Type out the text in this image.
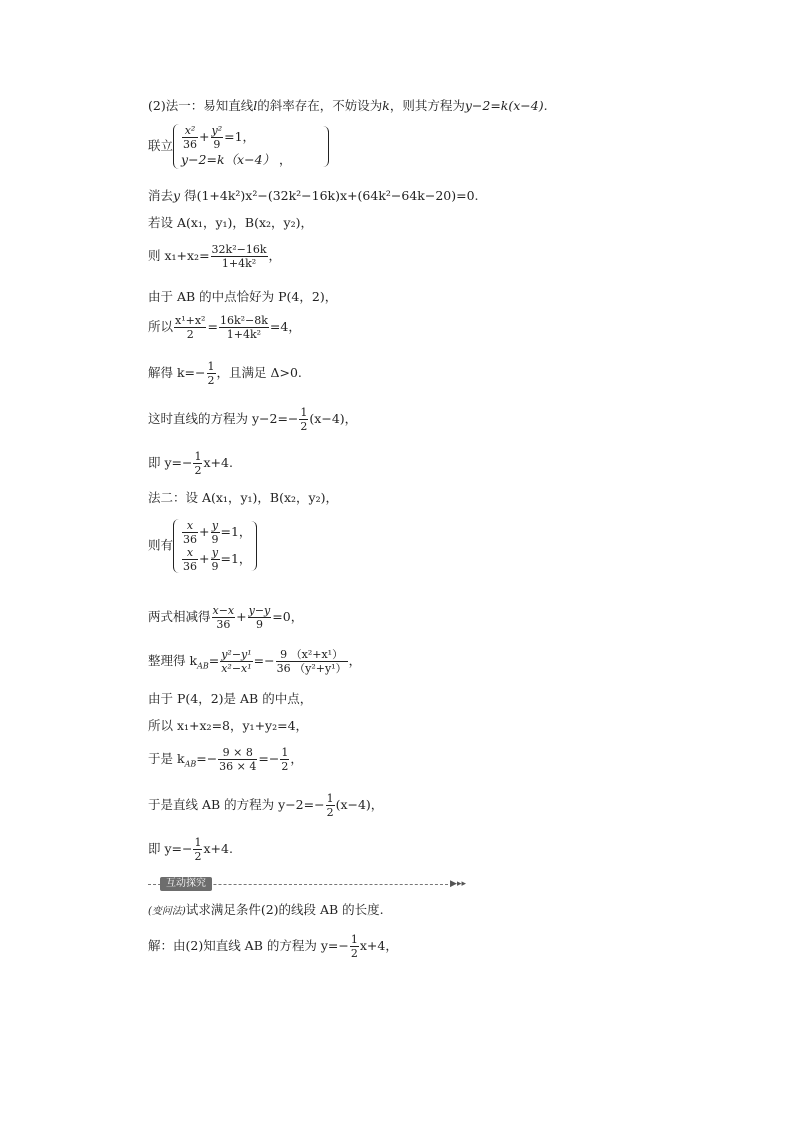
(2)法一：易知直线l的斜率存在，不妨设为k，则其方程为y−2=k(x−4).
联立 $\frac{\text{x²}}{36} + \frac{\text{y²}}{9} =1$，
y−2=k（x−4） ，
消去y 得(1+4k²)x²−(32k²−16k)x+(64k²−64k−20)=0.
若设 A(x₁，y₁)，B(x₂，y₂)，
则 $x_1+x_2= \frac{\text{32k²−16k}}{\text{1+4k²}}$ ，
由于 AB 的中点恰好为 P(4，2)，
所以 $\frac{\text{x¹+x²}}{2} = \frac{\text{16k²−8k}}{\text{1+4k²}} =4$，
解得 $k=- \frac{1}{2}$ ，且满足 Δ>0.
这时直线的方程为 $y-2=- \frac{1}{2} (x-4)$，
即 $y=- \frac{1}{2} x+4$.
法二：设 A(x₁，y₁)，B(x₂，y₂)，
则有 $\frac{x}{36} + \frac{y}{9} =1$，
$\frac{x}{36} + \frac{y}{9} =1$，
两式相减得 $\frac{x-x}{36} + \frac{y-y}{9} =0$，
整理得 $k_{AB}= \frac{\text{y²−y¹}}{\text{x²−x¹}} =- \frac{\text{9 （x²+x¹）}}{\text{36 （y²+y¹）}}$ ，
由于 P(4，2)是 AB 的中点，
所以 x₁+x₂=8，y₁+y₂=4，
于是 $k_{AB}=- \frac{9 \times 8}{36 \times 4} =- \frac{1}{2}$ ，
于是直线 AB 的方程为 $y-2=- \frac{1}{2} (x-4)$，
即 $y=- \frac{1}{2} x+4$.
互动探究	▶▸▸
(变问法)试求满足条件(2)的线段 AB 的长度.
解：由(2)知直线 AB 的方程为 $y=- \frac{1}{2} x+4$，
